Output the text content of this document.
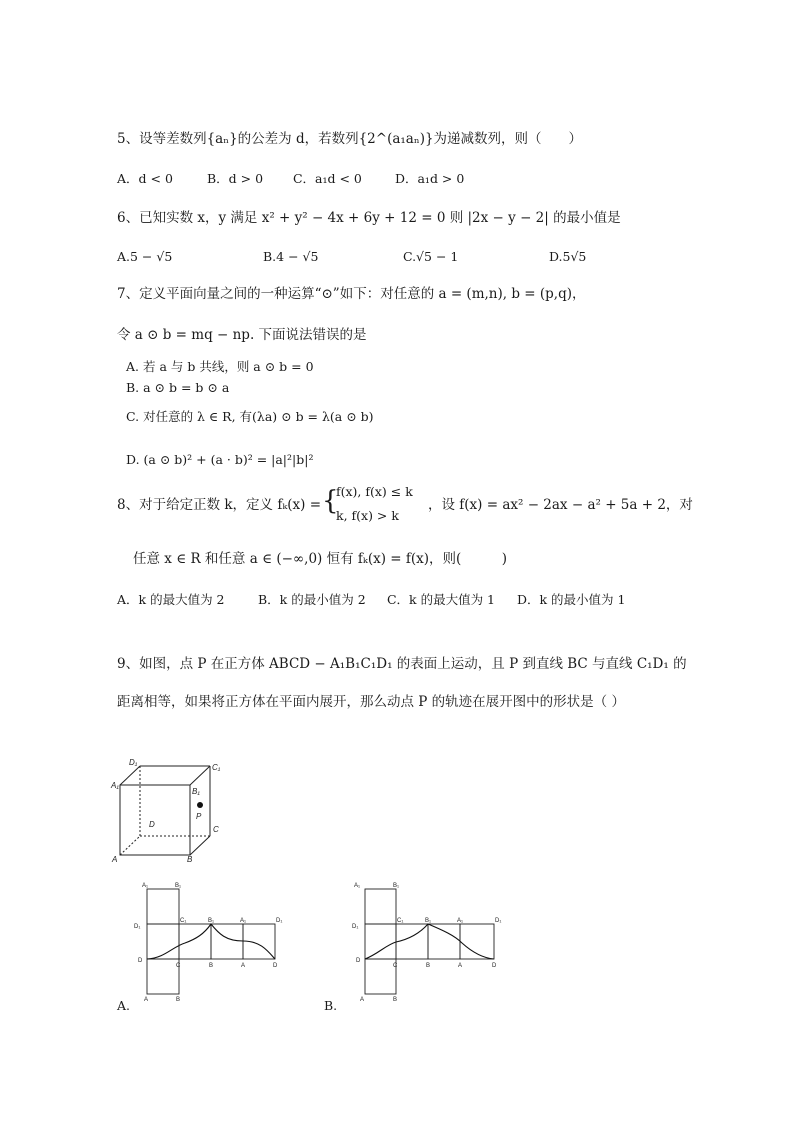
5、设等差数列{aₙ}的公差为 d，若数列{2^(a₁aₙ)}为递减数列，则（　　）
A．d < 0	B．d > 0 C．a₁d < 0	D．a₁d > 0
6、已知实数 x，y 满足 x² + y² − 4x + 6y + 12 = 0 则 |2x − y − 2| 的最小值是
A.5 − √5	B.4 − √5	C.√5 − 1	D.5√5
7、定义平面向量之间的一种运算“⊙”如下：对任意的 a = (m,n), b = (p,q)，
令 a ⊙ b = mq − np. 下面说法错误的是
A. 若 a 与 b 共线，则 a ⊙ b = 0
B. a ⊙ b = b ⊙ a
C. 对任意的 λ ∈ R, 有(λa) ⊙ b = λ(a ⊙ b)
D. (a ⊙ b)² + (a · b)² = |a|²|b|²
8、对于给定正数 k，定义 fₖ(x) = {
f(x), f(x) ≤ k
k, f(x) > k
，设 f(x) = ax² − 2ax − a² + 5a + 2，对
任意 x ∈ R 和任意 a ∈ (−∞,0) 恒有 fₖ(x) = f(x)，则(　　　)
A．k 的最大值为 2	B．k 的最小值为 2 C．k 的最大值为 1 D．k 的最小值为 1
9、如图，点 P 在正方体 ABCD − A₁B₁C₁D₁ 的表面上运动，且 P 到直线 BC 与直线 C₁D₁ 的
距离相等，如果将正方体在平面内展开，那么动点 P 的轨迹在展开图中的形状是（ ）
D₁
C₁
A₁
B₁
P
D
C
A	B
A₁	B₁
D₁
C₁	B₁	A₁	D₁
D
C	B	A	D
A	B
A.
A₁	B₁
D₁
C₁	B₁	A₁	D₁
D
C	B	A	D
A	B
B.
